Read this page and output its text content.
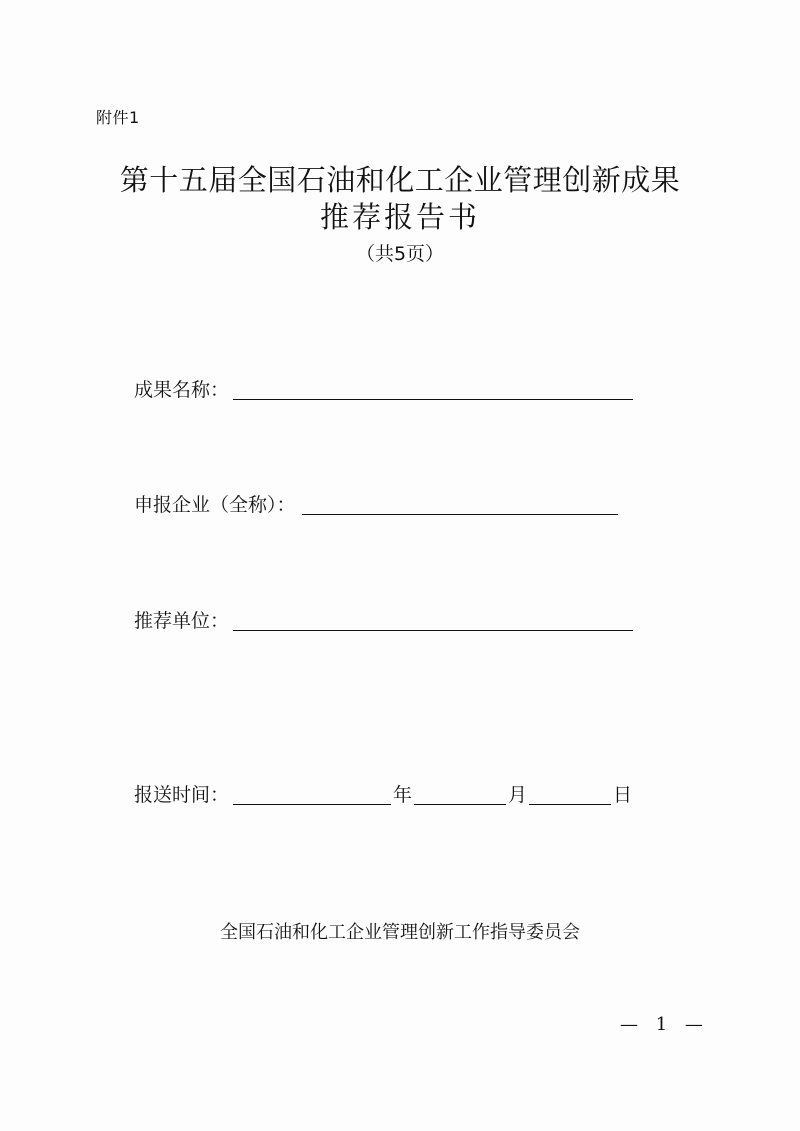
附件1
第十五届全国石油和化工企业管理创新成果
推荐报告书
（共5页）
成果名称：
申报企业（全称）：
推荐单位：
报送时间：	年	月	日
全国石油和化工企业管理创新工作指导委员会
— 1 —
